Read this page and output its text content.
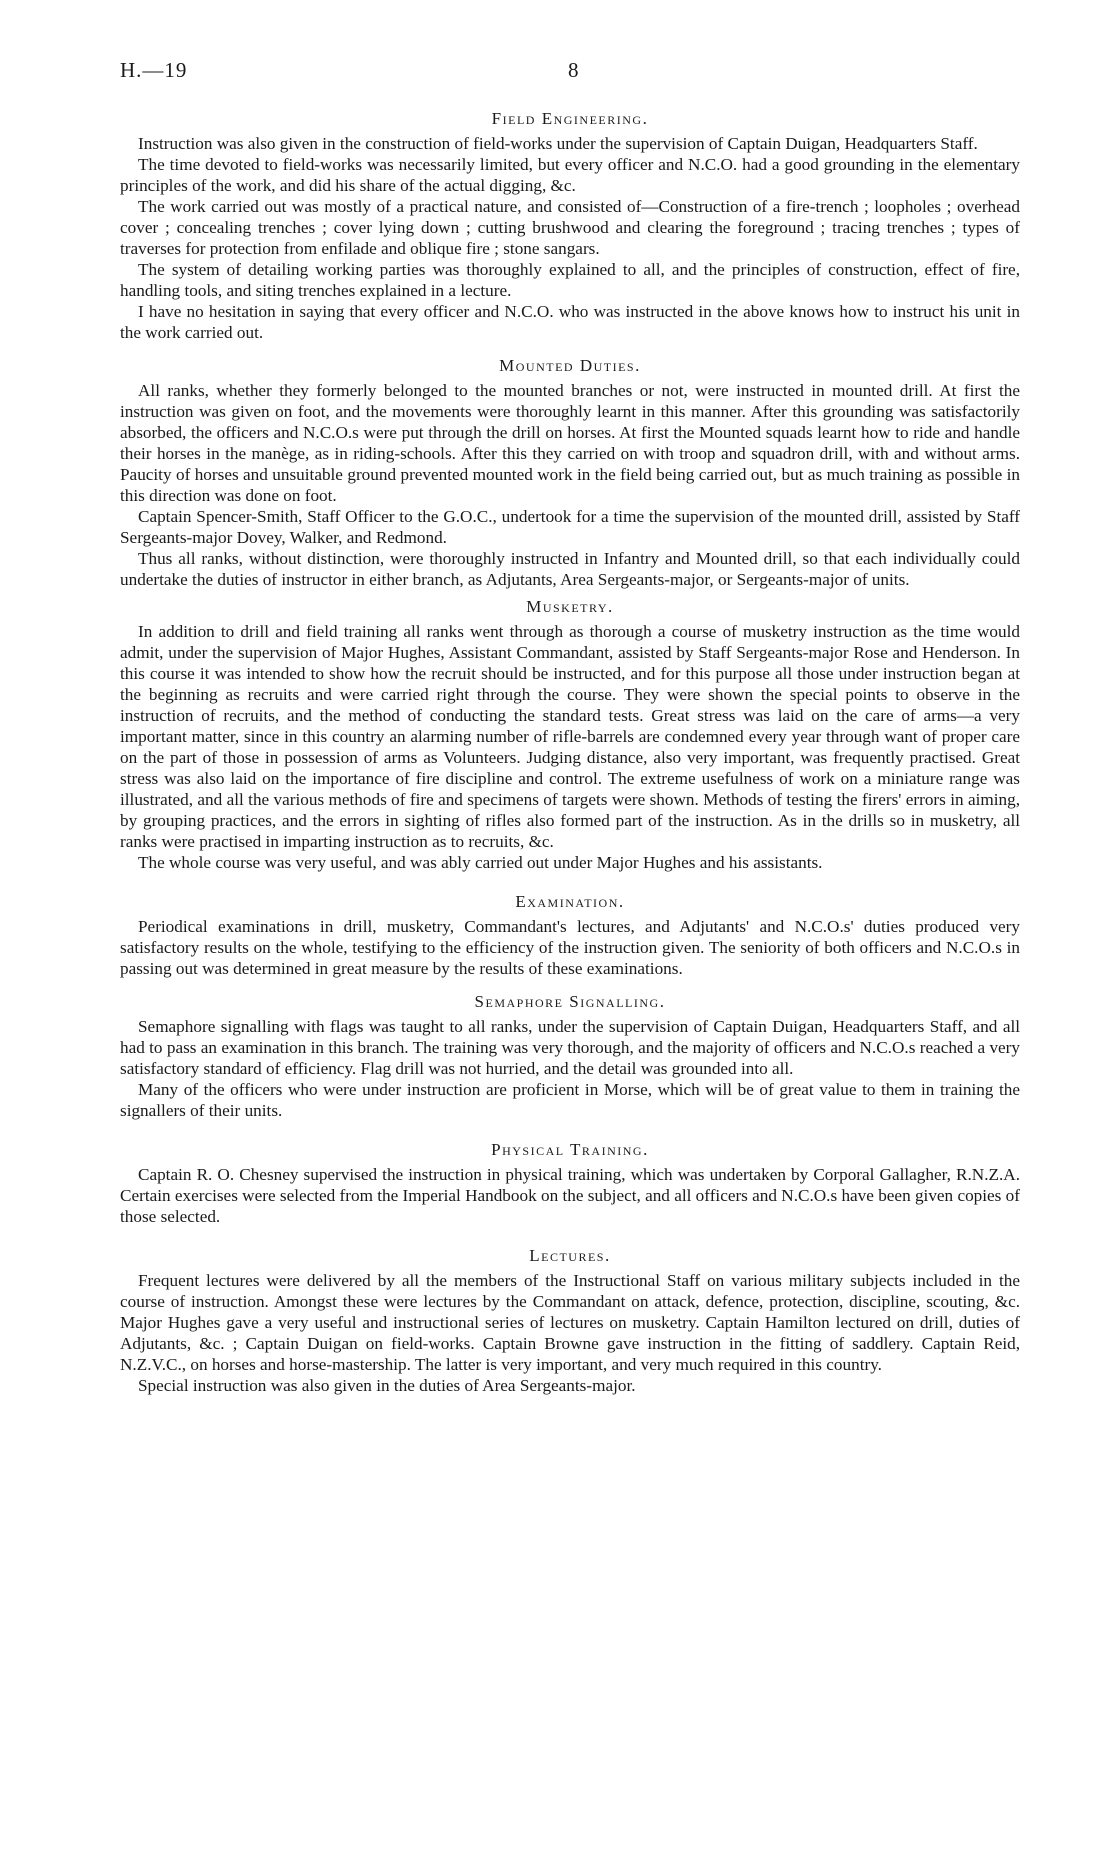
H.—19	8
Field Engineering.

Instruction was also given in the construction of field-works under the supervision of Captain Duigan, Headquarters Staff.

The time devoted to field-works was necessarily limited, but every officer and N.C.O. had a good grounding in the elementary principles of the work, and did his share of the actual digging, &c.

The work carried out was mostly of a practical nature, and consisted of—Construction of a fire-trench ; loopholes ; overhead cover ; concealing trenches ; cover lying down ; cutting brushwood and clearing the foreground ; tracing trenches ; types of traverses for protection from enfilade and oblique fire ; stone sangars.

The system of detailing working parties was thoroughly explained to all, and the principles of construction, effect of fire, handling tools, and siting trenches explained in a lecture.

I have no hesitation in saying that every officer and N.C.O. who was instructed in the above knows how to instruct his unit in the work carried out.

Mounted Duties.

All ranks, whether they formerly belonged to the mounted branches or not, were instructed in mounted drill. At first the instruction was given on foot, and the movements were thoroughly learnt in this manner. After this grounding was satisfactorily absorbed, the officers and N.C.O.s were put through the drill on horses. At first the Mounted squads learnt how to ride and handle their horses in the manège, as in riding-schools. After this they carried on with troop and squadron drill, with and without arms. Paucity of horses and unsuitable ground prevented mounted work in the field being carried out, but as much training as possible in this direction was done on foot.

Captain Spencer-Smith, Staff Officer to the G.O.C., undertook for a time the supervision of the mounted drill, assisted by Staff Sergeants-major Dovey, Walker, and Redmond.

Thus all ranks, without distinction, were thoroughly instructed in Infantry and Mounted drill, so that each individually could undertake the duties of instructor in either branch, as Adjutants, Area Sergeants-major, or Sergeants-major of units.

Musketry.

In addition to drill and field training all ranks went through as thorough a course of musketry instruction as the time would admit, under the supervision of Major Hughes, Assistant Commandant, assisted by Staff Sergeants-major Rose and Henderson. In this course it was intended to show how the recruit should be instructed, and for this purpose all those under instruction began at the beginning as recruits and were carried right through the course. They were shown the special points to observe in the instruction of recruits, and the method of conducting the standard tests. Great stress was laid on the care of arms—a very important matter, since in this country an alarming number of rifle-barrels are condemned every year through want of proper care on the part of those in possession of arms as Volunteers. Judging distance, also very important, was frequently practised. Great stress was also laid on the importance of fire discipline and control. The extreme usefulness of work on a miniature range was illustrated, and all the various methods of fire and specimens of targets were shown. Methods of testing the firers' errors in aiming, by grouping practices, and the errors in sighting of rifles also formed part of the instruction. As in the drills so in musketry, all ranks were practised in imparting instruction as to recruits, &c.

The whole course was very useful, and was ably carried out under Major Hughes and his assistants.

Examination.

Periodical examinations in drill, musketry, Commandant's lectures, and Adjutants' and N.C.O.s' duties produced very satisfactory results on the whole, testifying to the efficiency of the instruction given. The seniority of both officers and N.C.O.s in passing out was determined in great measure by the results of these examinations.

Semaphore Signalling.

Semaphore signalling with flags was taught to all ranks, under the supervision of Captain Duigan, Headquarters Staff, and all had to pass an examination in this branch. The training was very thorough, and the majority of officers and N.C.O.s reached a very satisfactory standard of efficiency. Flag drill was not hurried, and the detail was grounded into all.

Many of the officers who were under instruction are proficient in Morse, which will be of great value to them in training the signallers of their units.

Physical Training.

Captain R. O. Chesney supervised the instruction in physical training, which was undertaken by Corporal Gallagher, R.N.Z.A. Certain exercises were selected from the Imperial Handbook on the subject, and all officers and N.C.O.s have been given copies of those selected.

Lectures.

Frequent lectures were delivered by all the members of the Instructional Staff on various military subjects included in the course of instruction. Amongst these were lectures by the Commandant on attack, defence, protection, discipline, scouting, &c. Major Hughes gave a very useful and instructional series of lectures on musketry. Captain Hamilton lectured on drill, duties of Adjutants, &c. ; Captain Duigan on field-works. Captain Browne gave instruction in the fitting of saddlery. Captain Reid, N.Z.V.C., on horses and horse-mastership. The latter is very important, and very much required in this country.

Special instruction was also given in the duties of Area Sergeants-major.
